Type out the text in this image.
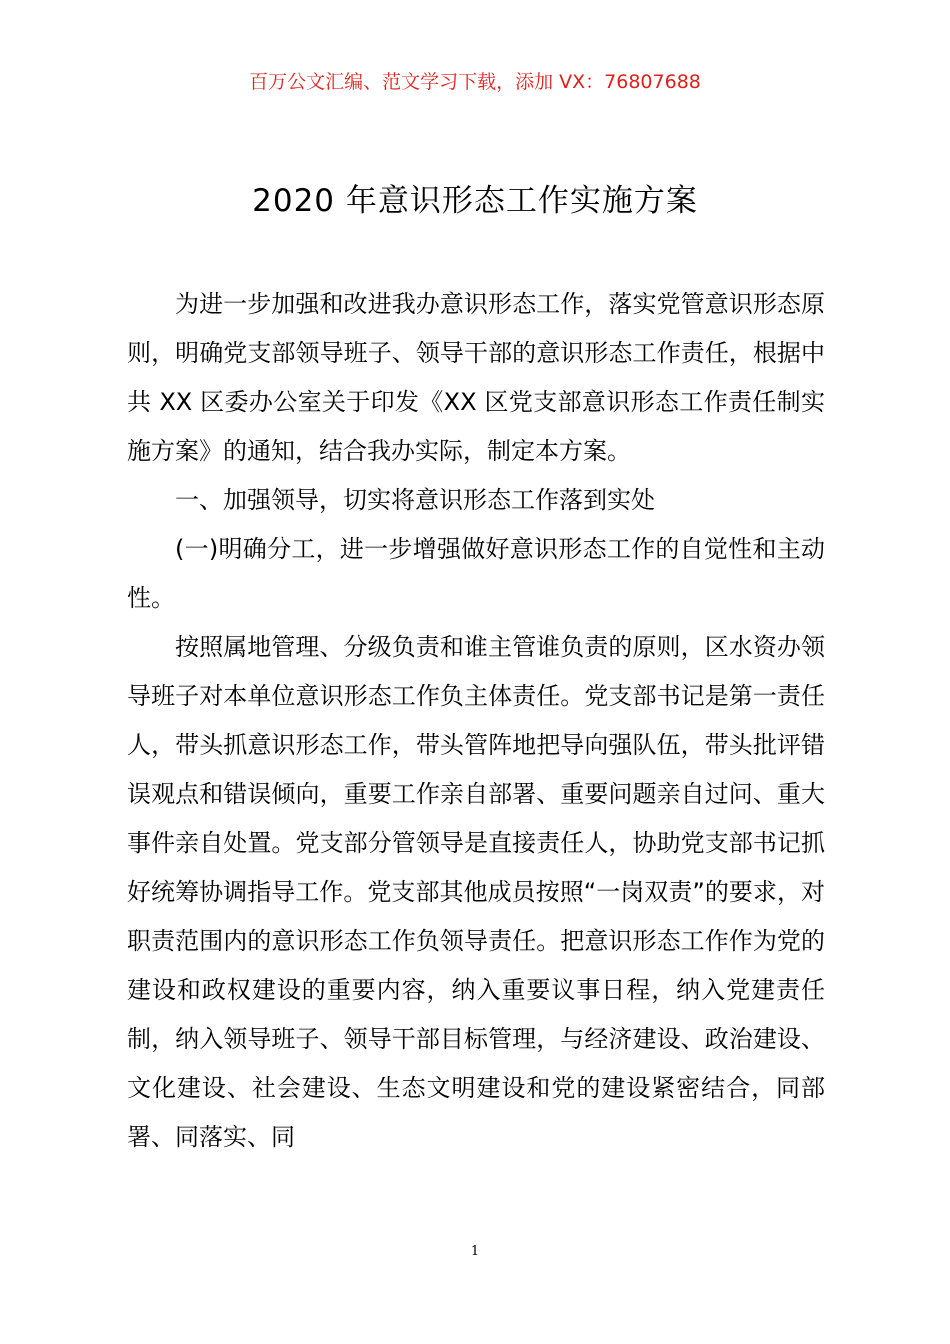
百万公文汇编、范文学习下载，添加 VX：76807688
2020 年意识形态工作实施方案

为进一步加强和改进我办意识形态工作，落实党管意识形态原则，明确党支部领导班子、领导干部的意识形态工作责任，根据中共 XX 区委办公室关于印发《XX 区党支部意识形态工作责任制实施方案》的通知，结合我办实际，制定本方案。

一、加强领导，切实将意识形态工作落到实处

(一)明确分工，进一步增强做好意识形态工作的自觉性和主动性。

按照属地管理、分级负责和谁主管谁负责的原则，区水资办领导班子对本单位意识形态工作负主体责任。党支部书记是第一责任人，带头抓意识形态工作，带头管阵地把导向强队伍，带头批评错误观点和错误倾向，重要工作亲自部署、重要问题亲自过问、重大事件亲自处置。党支部分管领导是直接责任人，协助党支部书记抓好统筹协调指导工作。党支部其他成员按照“一岗双责”的要求，对职责范围内的意识形态工作负领导责任。把意识形态工作作为党的建设和政权建设的重要内容，纳入重要议事日程，纳入党建责任制，纳入领导班子、领导干部目标管理，与经济建设、政治建设、文化建设、社会建设、生态文明建设和党的建设紧密结合，同部署、同落实、同

1
